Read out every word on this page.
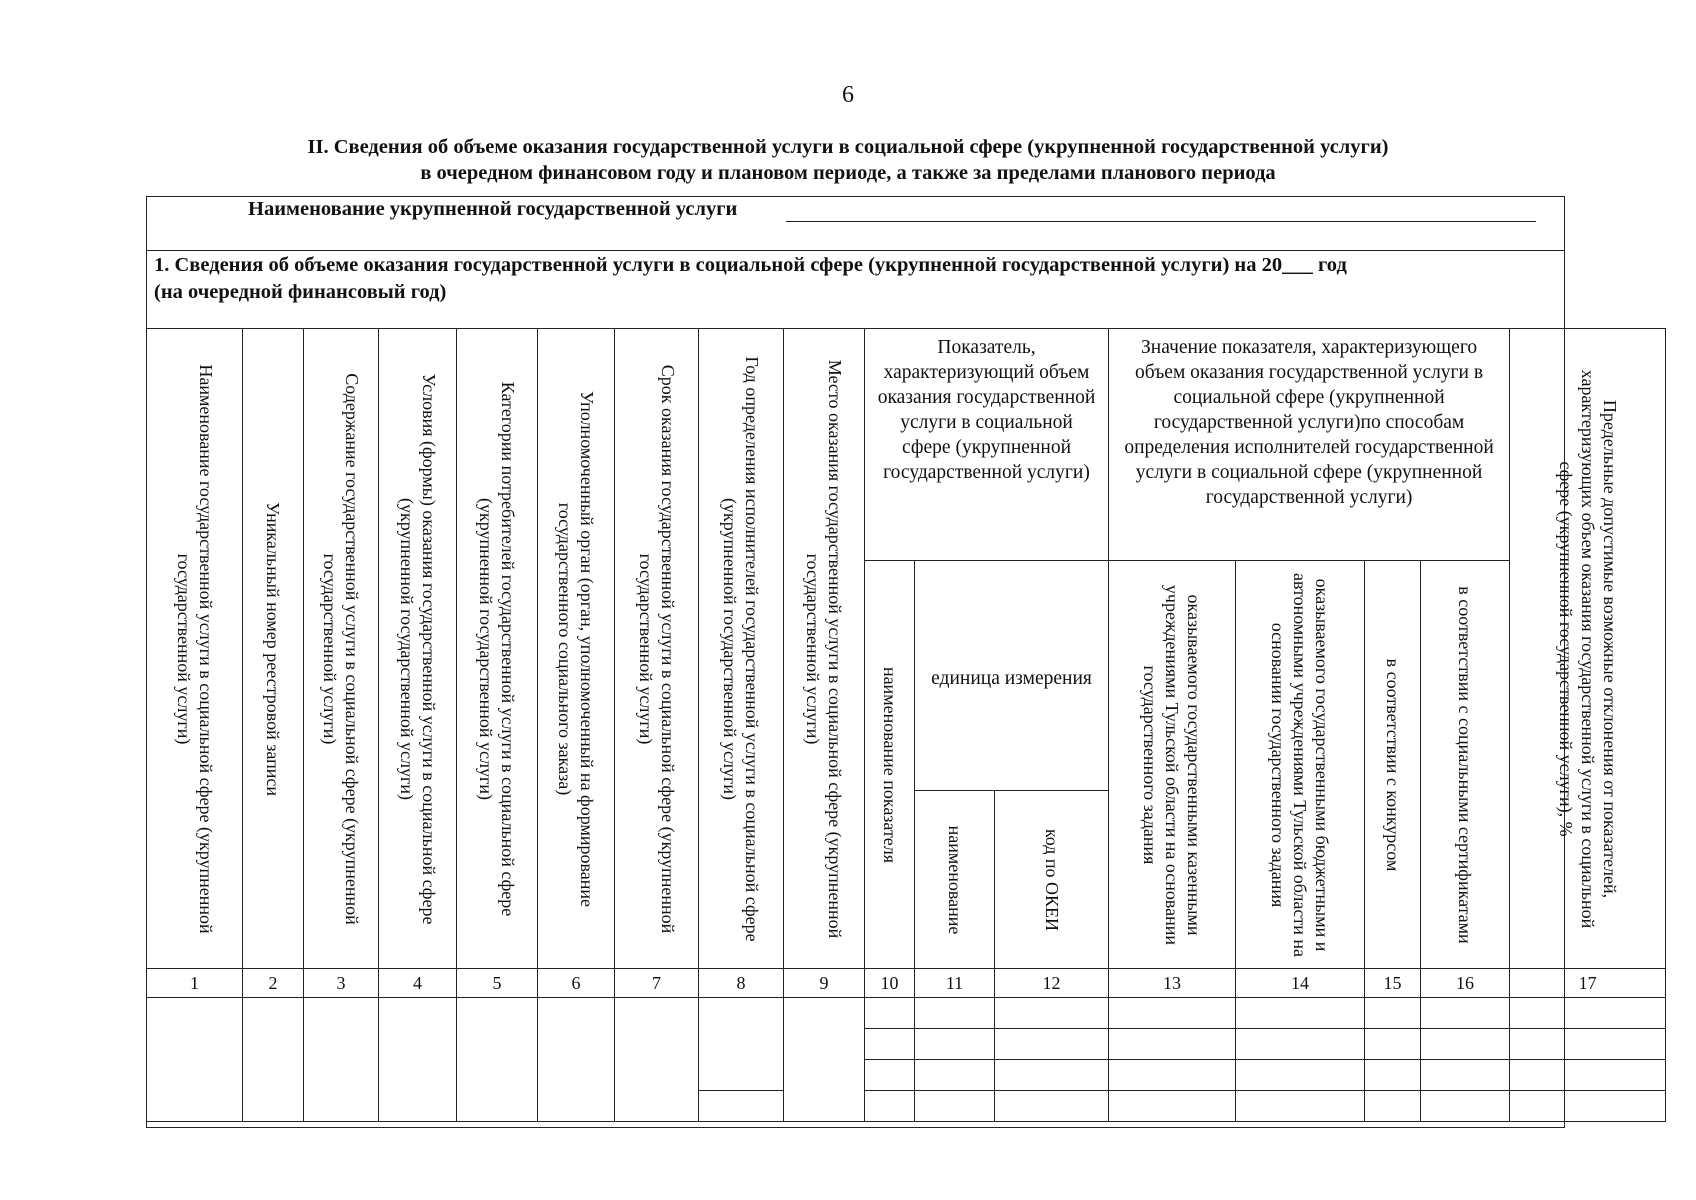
6
II. Сведения об объеме оказания государственной услуги в социальной сфере (укрупненной государственной услуги)
в очередном финансовом году и плановом периоде, а также за пределами планового периода
Наименование укрупненной государственной услуги
1. Сведения об объеме оказания государственной услуги в социальной сфере (укрупненной государственной услуги) на 20___ год
(на очередной финансовый год)
Наименование государственной услуги в социальной сфере (укрупненной государственной услуги)	Уникальный номер реестровой записи	Содержание государственной услуги в социальной сфере (укрупненной государственной услуги)	Условия (формы) оказания государственной услуги в социальной сфере (укрупненной государственной услуги)	Категории потребителей государственной услуги в социальной сфере (укрупненной государственной услуги)	Уполномоченный орган (орган, уполномоченный на формирование государственного социального заказа)	Срок оказания государственной услуги в социальной сфере (укрупненной государственной услуги)	Год определения исполнителей государственной услуги в социальной сфере (укрупненной государственной услуги)	Место оказания государственной услуги в социальной сфере (укрупненной государственной услуги)	Показатель, характеризующий объем оказания государственной услуги в социальной сфере (укрупненной государственной услуги)			Значение показателя, характеризующего объем оказания государственной услуги в социальной сфере (укрупненной государственной услуги)по способам определения исполнителей государственной услуги в социальной сфере (укрупненной государственной услуги)				Предельные допустимые возможные отклонения от показателей, характеризующих объем оказания государственной услуги в социальной сфере (укрупненной государственной услуги), %

									наименование показателя	единица измерения		оказываемого государственными казенными учреждениями Тульской области на основании государственного задания	оказываемого государственными бюджетными и автономными учреждениями Тульской области на основании государственного задания	в соответствии с конкурсом	в соответствии с социальными сертификатами	

										наименование	код по ОКЕИ					

1	2	3	4	5	6	7	8	9	10	11	12	13	14	15	16	17
